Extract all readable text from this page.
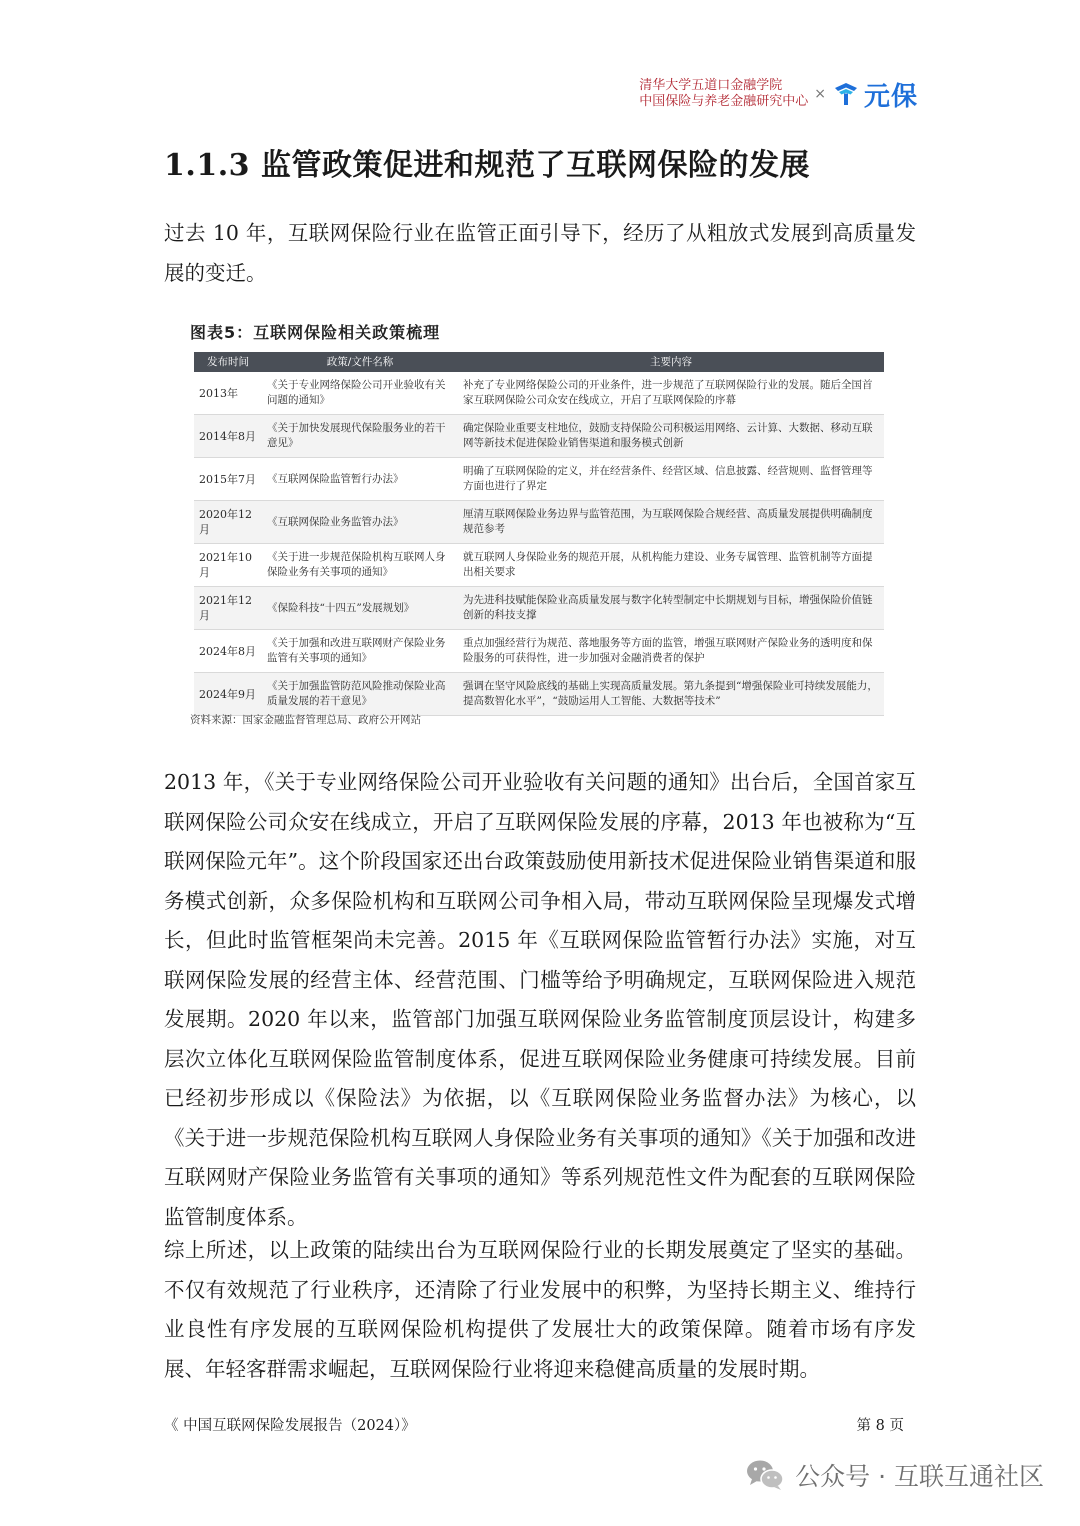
清华大学五道口金融学院
中国保险与养老金融研究中心 × 元保
1.1.3 监管政策促进和规范了互联网保险的发展

过去 10 年，互联网保险行业在监管正面引导下，经历了从粗放式发展到高质量发展的变迁。

图表5：互联网保险相关政策梳理

发布时间	政策/文件名称	主要内容
2013年	《关于专业网络保险公司开业验收有关问题的通知》	补充了专业网络保险公司的开业条件，进一步规范了互联网保险行业的发展。随后全国首家互联网保险公司众安在线成立，开启了互联网保险的序幕
2014年8月	《关于加快发展现代保险服务业的若干意见》	确定保险业重要支柱地位，鼓励支持保险公司积极运用网络、云计算、大数据、移动互联网等新技术促进保险业销售渠道和服务模式创新
2015年7月	《互联网保险监管暂行办法》	明确了互联网保险的定义，并在经营条件、经营区域、信息披露、经营规则、监督管理等方面也进行了界定
2020年12月	《互联网保险业务监管办法》	厘清互联网保险业务边界与监管范围，为互联网保险合规经营、高质量发展提供明确制度规范参考
2021年10月	《关于进一步规范保险机构互联网人身保险业务有关事项的通知》	就互联网人身保险业务的规范开展，从机构能力建设、业务专属管理、监管机制等方面提出相关要求
2021年12月	《保险科技“十四五”发展规划》	为先进科技赋能保险业高质量发展与数字化转型制定中长期规划与目标，增强保险价值链创新的科技支撑
2024年8月	《关于加强和改进互联网财产保险业务监管有关事项的通知》	重点加强经营行为规范、落地服务等方面的监管，增强互联网财产保险业务的透明度和保险服务的可获得性，进一步加强对金融消费者的保护
2024年9月	《关于加强监管防范风险推动保险业高质量发展的若干意见》	强调在坚守风险底线的基础上实现高质量发展。第九条提到“增强保险业可持续发展能力，提高数智化水平”，“鼓励运用人工智能、大数据等技术”

资料来源：国家金融监督管理总局、政府公开网站

2013 年，《关于专业网络保险公司开业验收有关问题的通知》出台后，全国首家互联网保险公司众安在线成立，开启了互联网保险发展的序幕，2013 年也被称为“互联网保险元年”。这个阶段国家还出台政策鼓励使用新技术促进保险业销售渠道和服务模式创新，众多保险机构和互联网公司争相入局，带动互联网保险呈现爆发式增长，但此时监管框架尚未完善。2015 年《互联网保险监管暂行办法》实施，对互联网保险发展的经营主体、经营范围、门槛等给予明确规定，互联网保险进入规范发展期。2020 年以来，监管部门加强互联网保险业务监管制度顶层设计，构建多层次立体化互联网保险监管制度体系，促进互联网保险业务健康可持续发展。目前已经初步形成以《保险法》为依据，以《互联网保险业务监督办法》为核心，以《关于进一步规范保险机构互联网人身保险业务有关事项的通知》《关于加强和改进互联网财产保险业务监管有关事项的通知》等系列规范性文件为配套的互联网保险监管制度体系。

综上所述，以上政策的陆续出台为互联网保险行业的长期发展奠定了坚实的基础。不仅有效规范了行业秩序，还清除了行业发展中的积弊，为坚持长期主义、维持行业良性有序发展的互联网保险机构提供了发展壮大的政策保障。随着市场有序发展、年轻客群需求崛起，互联网保险行业将迎来稳健高质量的发展时期。

《 中国互联网保险发展报告（2024）》	第 8 页

公众号 · 互联互通社区
